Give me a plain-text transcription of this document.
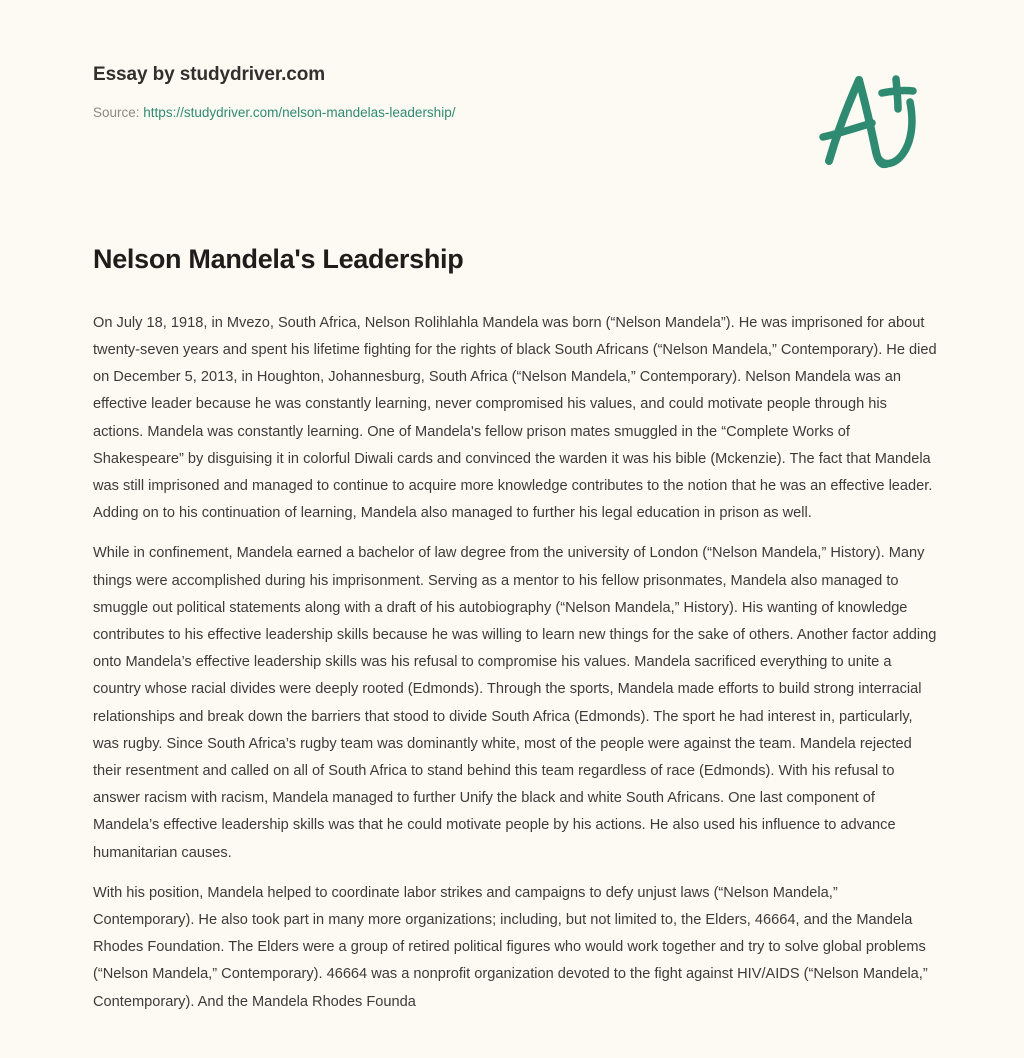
Essay by studydriver.com
Source: https://studydriver.com/nelson-mandelas-leadership/
Nelson Mandela's Leadership

On July 18, 1918, in Mvezo, South Africa, Nelson Rolihlahla Mandela was born (“Nelson Mandela”). He was imprisoned for about twenty-seven years and spent his lifetime fighting for the rights of black South Africans (“Nelson Mandela,” Contemporary). He died on December 5, 2013, in Houghton, Johannesburg, South Africa (“Nelson Mandela,” Contemporary). Nelson Mandela was an effective leader because he was constantly learning, never compromised his values, and could motivate people through his actions. Mandela was constantly learning. One of Mandela's fellow prison mates smuggled in the “Complete Works of Shakespeare” by disguising it in colorful Diwali cards and convinced the warden it was his bible (Mckenzie). The fact that Mandela was still imprisoned and managed to continue to acquire more knowledge contributes to the notion that he was an effective leader. Adding on to his continuation of learning, Mandela also managed to further his legal education in prison as well.

While in confinement, Mandela earned a bachelor of law degree from the university of London (“Nelson Mandela,” History). Many things were accomplished during his imprisonment. Serving as a mentor to his fellow prisonmates, Mandela also managed to smuggle out political statements along with a draft of his autobiography (“Nelson Mandela,” History). His wanting of knowledge contributes to his effective leadership skills because he was willing to learn new things for the sake of others. Another factor adding onto Mandela’s effective leadership skills was his refusal to compromise his values. Mandela sacrificed everything to unite a country whose racial divides were deeply rooted (Edmonds). Through the sports, Mandela made efforts to build strong interracial relationships and break down the barriers that stood to divide South Africa (Edmonds). The sport he had interest in, particularly, was rugby. Since South Africa’s rugby team was dominantly white, most of the people were against the team. Mandela rejected their resentment and called on all of South Africa to stand behind this team regardless of race (Edmonds). With his refusal to answer racism with racism, Mandela managed to further Unify the black and white South Africans. One last component of Mandela’s effective leadership skills was that he could motivate people by his actions. He also used his influence to advance humanitarian causes.

With his position, Mandela helped to coordinate labor strikes and campaigns to defy unjust laws (“Nelson Mandela,” Contemporary). He also took part in many more organizations; including, but not limited to, the Elders, 46664, and the Mandela Rhodes Foundation. The Elders were a group of retired political figures who would work together and try to solve global problems (“Nelson Mandela,” Contemporary). 46664 was a nonprofit organization devoted to the fight against HIV/AIDS (“Nelson Mandela,” Contemporary). And the Mandela Rhodes Founda
